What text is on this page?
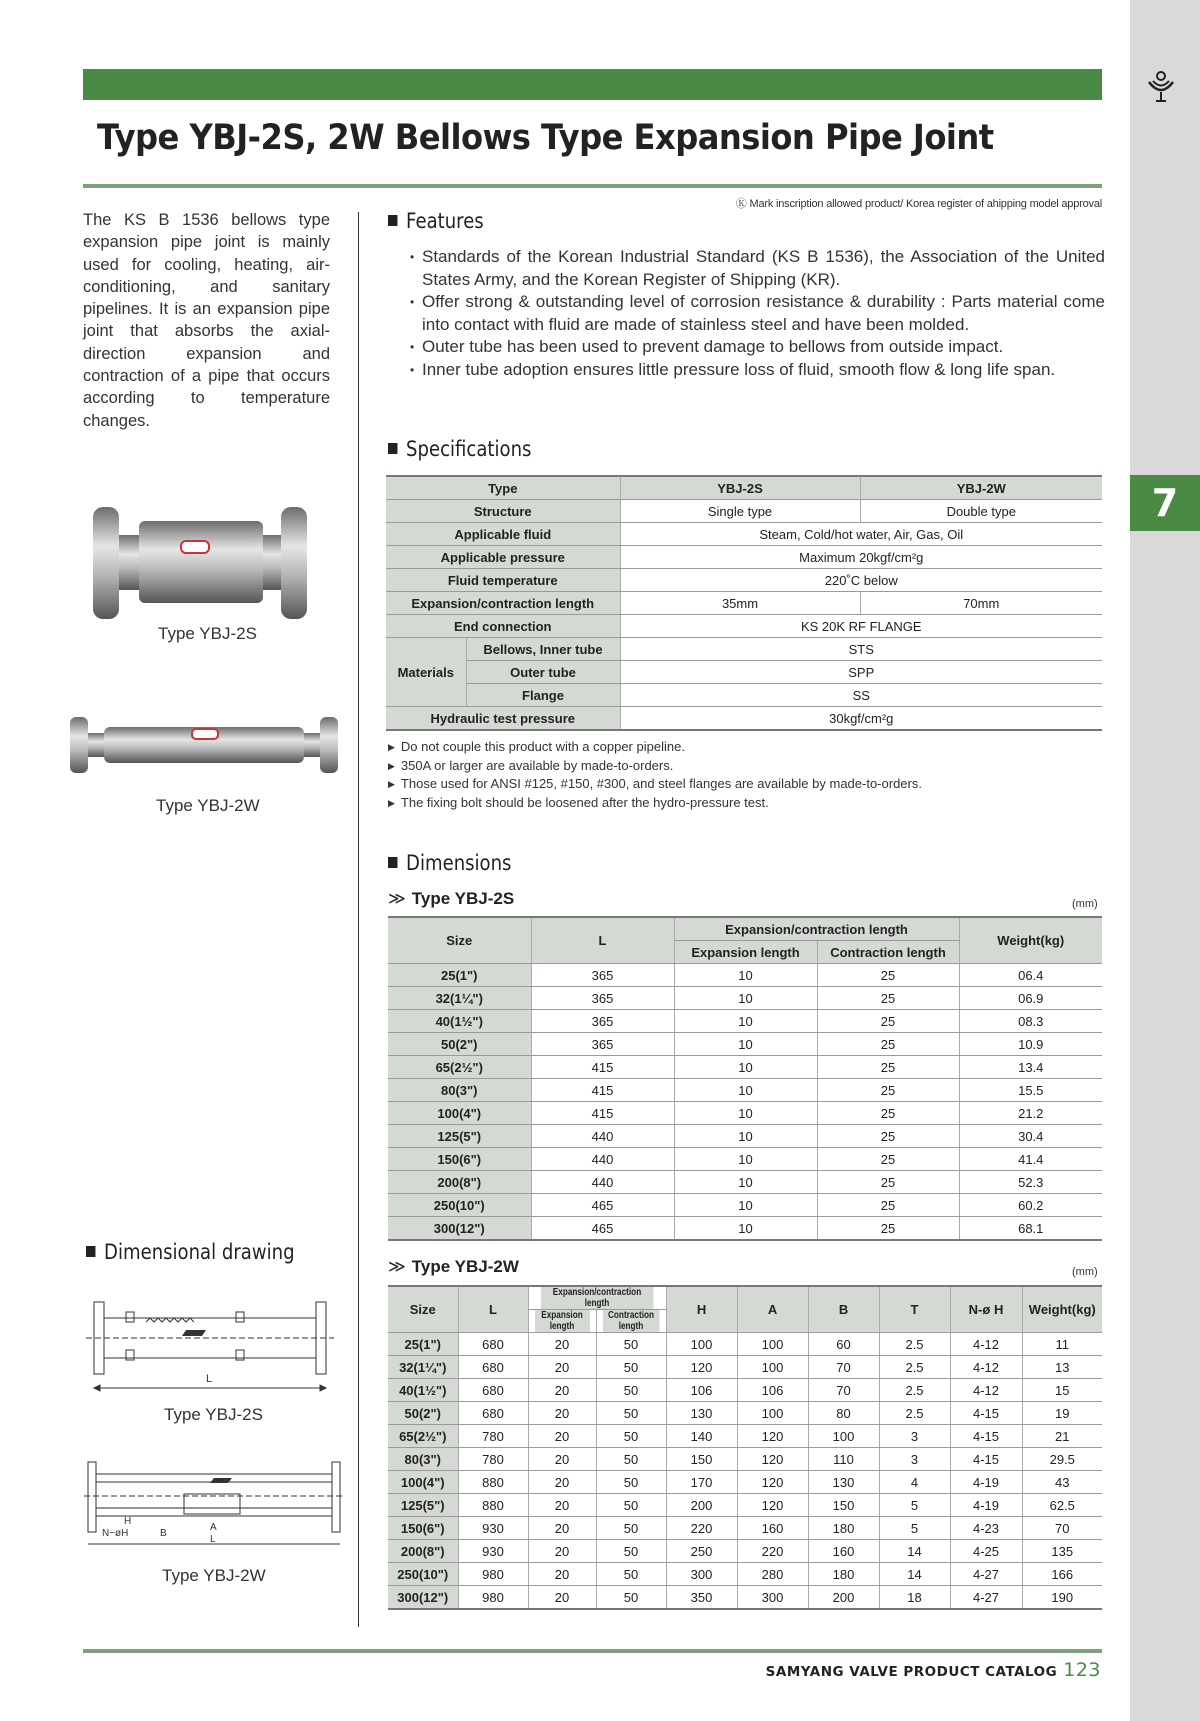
7
Type YBJ-2S, 2W Bellows Type Expansion Pipe Joint
Ⓚ Mark inscription allowed product/ Korea register of ahipping model approval
The KS B 1536 bellows type expansion pipe joint is mainly used for cooling, heating, air-conditioning, and sanitary pipelines. It is an expansion pipe joint that absorbs the axial-direction expansion and contraction of a pipe that occurs according to temperature changes.
Features
• Standards of the Korean Industrial Standard (KS B 1536), the Association of the United States Army, and the Korean Register of Shipping (KR).
• Offer strong & outstanding level of corrosion resistance & durability : Parts material come into contact with fluid are made of stainless steel and have been molded.
• Outer tube has been used to prevent damage to bellows from outside impact.
• Inner tube adoption ensures little pressure loss of fluid, smooth flow & long life span.
Type YBJ-2S
Type YBJ-2W
Specifications
Type		YBJ-2S	YBJ-2W
Structure		Single type	Double type
Applicable fluid		Steam, Cold/hot water, Air, Gas, Oil	
Applicable pressure		Maximum 20kgf/cm²g	
Fluid temperature		220˚C below	
Expansion/contraction length		35mm	70mm
End connection		KS 20K RF FLANGE	
Materials	Bellows, Inner tube	STS	
	Outer tube	SPP	
	Flange	SS	
Hydraulic test pressure		30kgf/cm²g	
▶ Do not couple this product with a copper pipeline.
▶ 350A or larger are available by made-to-orders.
▶ Those used for ANSI #125, #150, #300, and steel flanges are available by made-to-orders.
▶ The fixing bolt should be loosened after the hydro-pressure test.
Dimensions
≫ Type YBJ-2S	(mm)
Size	L	Expansion/contraction length		Weight(kg)
		Expansion length	Contraction length	
25(1")	365	10	25	06.4
32(1¼")	365	10	25	06.9
40(1½")	365	10	25	08.3
50(2")	365	10	25	10.9
65(2½")	415	10	25	13.4
80(3")	415	10	25	15.5
100(4")	415	10	25	21.2
125(5")	440	10	25	30.4
150(6")	440	10	25	41.4
200(8")	440	10	25	52.3
250(10")	465	10	25	60.2
300(12")	465	10	25	68.1
≫ Type YBJ-2W	(mm)
Size	L	Expansion/contraction length		H	A	B	T	N-ø H	Weight(kg)
		Expansion length	Contraction length						
25(1")	680	20	50	100	100	60	2.5	4-12	11
32(1¼")	680	20	50	120	100	70	2.5	4-12	13
40(1½")	680	20	50	106	106	70	2.5	4-12	15
50(2")	680	20	50	130	100	80	2.5	4-15	19
65(2½")	780	20	50	140	120	100	3	4-15	21
80(3")	780	20	50	150	120	110	3	4-15	29.5
100(4")	880	20	50	170	120	130	4	4-19	43
125(5")	880	20	50	200	120	150	5	4-19	62.5
150(6")	930	20	50	220	160	180	5	4-23	70
200(8")	930	20	50	250	220	160	14	4-25	135
250(10")	980	20	50	300	280	180	14	4-27	166
300(12")	980	20	50	350	300	200	18	4-27	190
Dimensional drawing
L
Type YBJ-2S
H
N−øH	B
A
L
Type YBJ-2W
SAMYANG VALVE PRODUCT CATALOG 123
